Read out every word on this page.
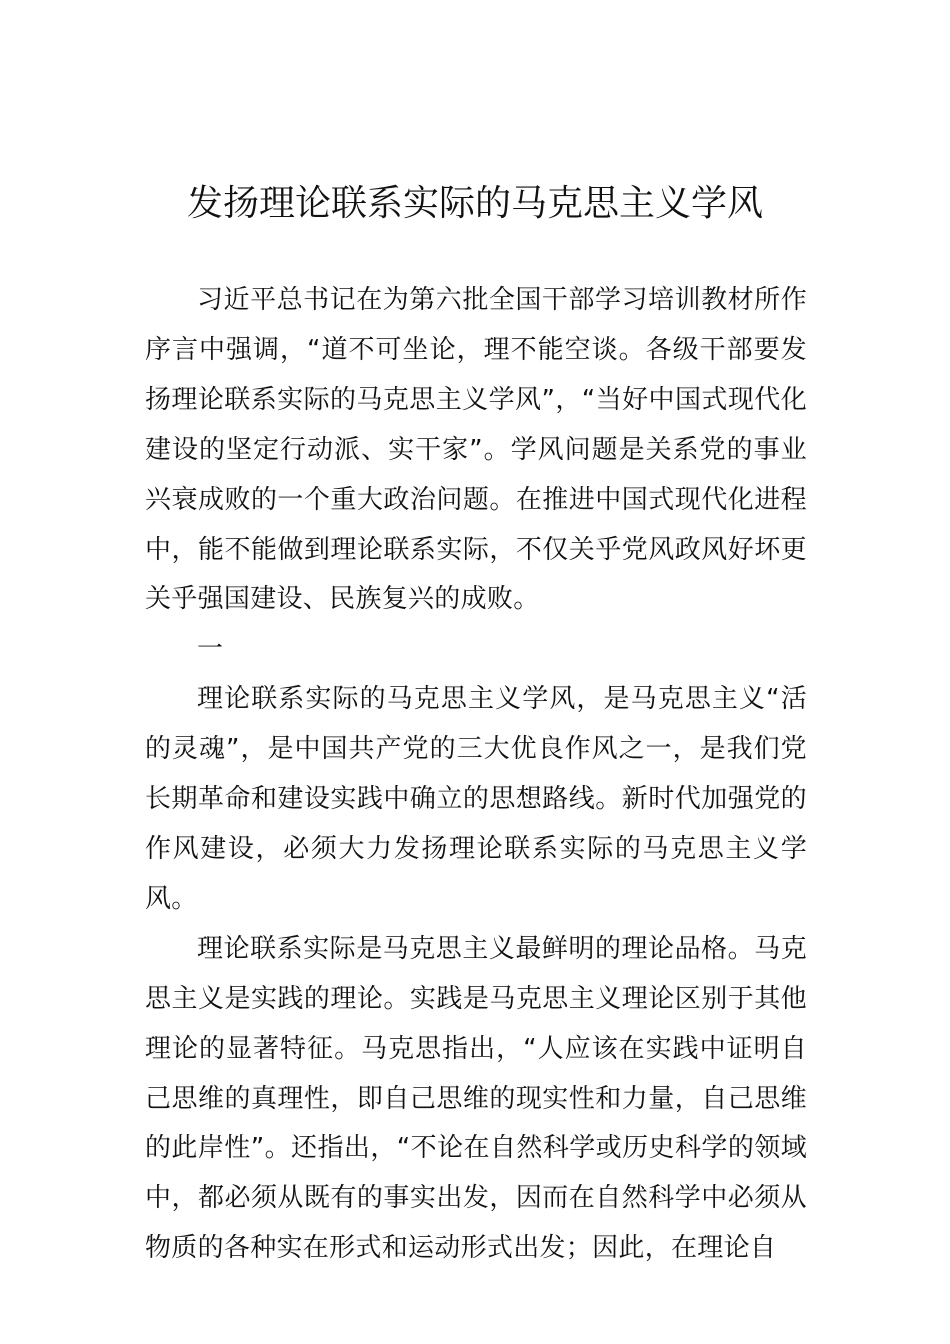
发扬理论联系实际的马克思主义学风

习近平总书记在为第六批全国干部学习培训教材所作序言中强调，“道不可坐论，理不能空谈。各级干部要发扬理论联系实际的马克思主义学风”，“当好中国式现代化建设的坚定行动派、实干家”。学风问题是关系党的事业兴衰成败的一个重大政治问题。在推进中国式现代化进程中，能不能做到理论联系实际，不仅关乎党风政风好坏更关乎强国建设、民族复兴的成败。

一

理论联系实际的马克思主义学风，是马克思主义“活的灵魂”，是中国共产党的三大优良作风之一，是我们党长期革命和建设实践中确立的思想路线。新时代加强党的作风建设，必须大力发扬理论联系实际的马克思主义学风。

理论联系实际是马克思主义最鲜明的理论品格。马克思主义是实践的理论。实践是马克思主义理论区别于其他理论的显著特征。马克思指出，“人应该在实践中证明自己思维的真理性，即自己思维的现实性和力量，自己思维的此岸性”。还指出，“不论在自然科学或历史科学的领域中，都必须从既有的事实出发，因而在自然科学中必须从物质的各种实在形式和运动形式出发；因此，在理论自
